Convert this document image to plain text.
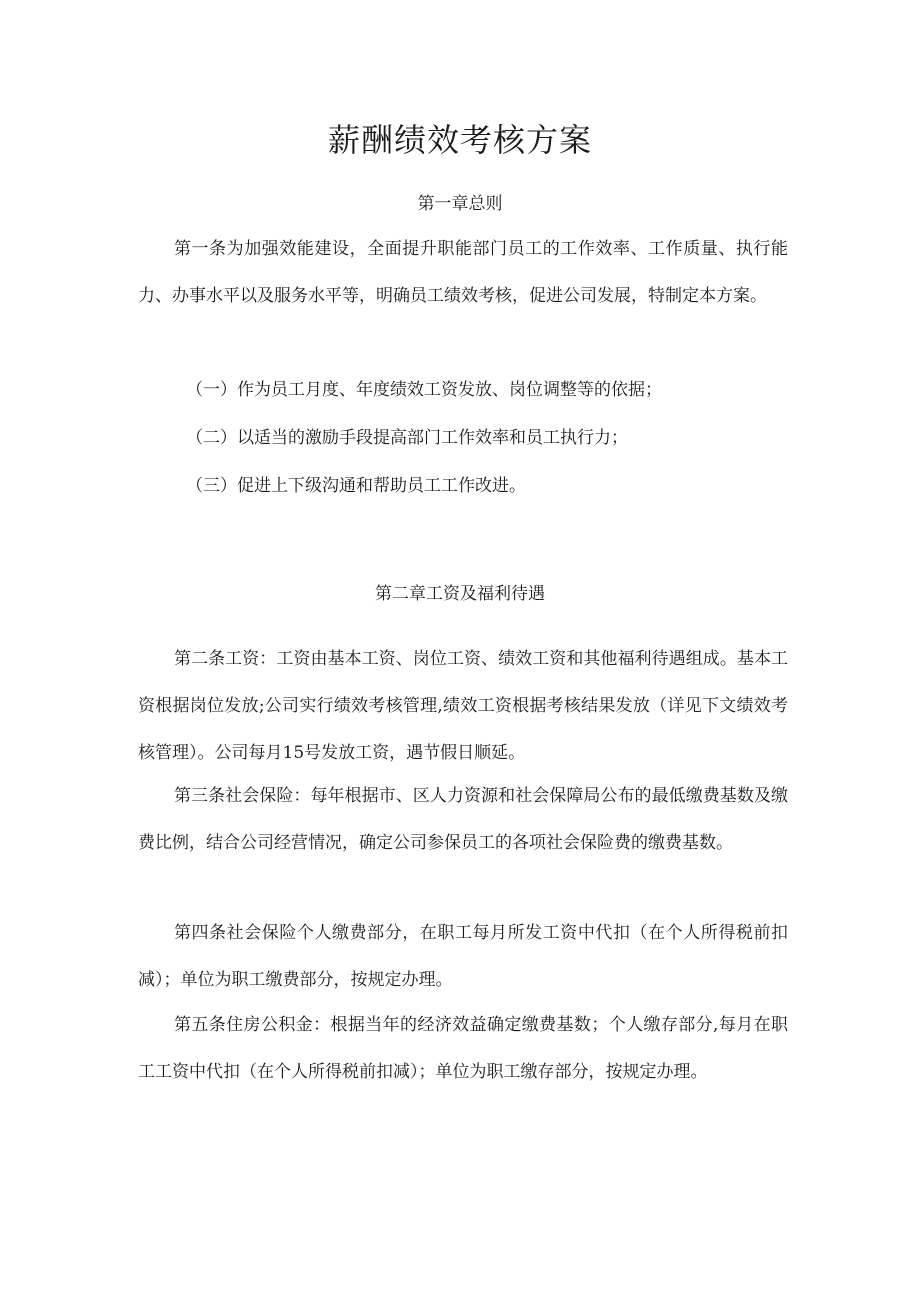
薪酬绩效考核方案
第一章总则

第一条为加强效能建设，全面提升职能部门员工的工作效率、工作质量、执行能力、办事水平以及服务水平等，明确员工绩效考核，促进公司发展，特制定本方案。

（一）作为员工月度、年度绩效工资发放、岗位调整等的依据；

（二）以适当的激励手段提高部门工作效率和员工执行力；

（三）促进上下级沟通和帮助员工工作改进。

第二章工资及福利待遇

第二条工资：工资由基本工资、岗位工资、绩效工资和其他福利待遇组成。基本工资根据岗位发放;公司实行绩效考核管理,绩效工资根据考核结果发放（详见下文绩效考核管理）。公司每月15号发放工资，遇节假日顺延。

第三条社会保险：每年根据市、区人力资源和社会保障局公布的最低缴费基数及缴费比例，结合公司经营情况，确定公司参保员工的各项社会保险费的缴费基数。

第四条社会保险个人缴费部分，在职工每月所发工资中代扣（在个人所得税前扣减）；单位为职工缴费部分，按规定办理。

第五条住房公积金：根据当年的经济效益确定缴费基数；个人缴存部分,每月在职工工资中代扣（在个人所得税前扣减）；单位为职工缴存部分，按规定办理。
